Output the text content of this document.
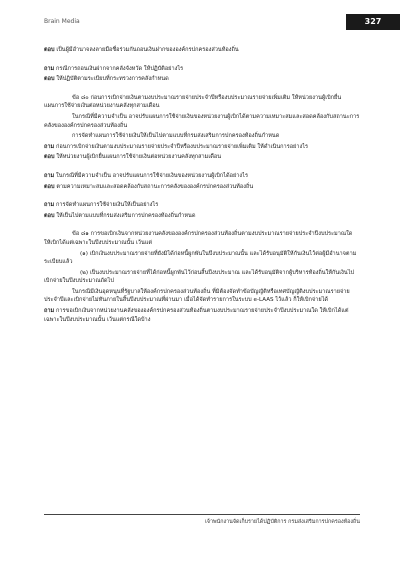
Brain Media	327

ตอบ เป็นผู้มีอำนาจลงลายมือชื่อร่วมกันถอนเงินฝากขององค์กรปกครองส่วนท้องถิ่น

ถาม กรณีการถอนเงินฝากจากคลังจังหวัด ให้ปฏิบัติอย่างไร

ตอบ ให้ปฏิบัติตามระเบียบที่กระทรวงการคลังกำหนด

ข้อ ๘๐ ก่อนการเบิกจ่ายเงินตามงบประมาณรายจ่ายประจำปีหรืองบประมาณรายจ่ายเพิ่มเติม ให้หน่วยงานผู้เบิกยื่นแผนการใช้จ่ายเงินต่อหน่วยงานคลังทุกสามเดือน

ในกรณีที่มีความจำเป็น อาจปรับแผนการใช้จ่ายเงินของหน่วยงานผู้เบิกได้ตามความเหมาะสมและสอดคล้องกับสถานะการคลังขององค์กรปกครองส่วนท้องถิ่น

การจัดทำแผนการใช้จ่ายเงินให้เป็นไปตามแบบที่กรมส่งเสริมการปกครองท้องถิ่นกำหนด

ถาม ก่อนการเบิกจ่ายเงินตามงบประมาณรายจ่ายประจำปีหรืองบประมาณรายจ่ายเพิ่มเติม ให้ดำเนินการอย่างไร

ตอบ ให้หน่วยงานผู้เบิกยื่นแผนการใช้จ่ายเงินต่อหน่วยงานคลังทุกสามเดือน

ถาม ในกรณีที่มีความจำเป็น อาจปรับแผนการใช้จ่ายเงินของหน่วยงานผู้เบิกได้อย่างไร

ตอบ ตามความเหมาะสมและสอดคล้องกับสถานะการคลังขององค์กรปกครองส่วนท้องถิ่น

ถาม การจัดทำแผนการใช้จ่ายเงินให้เป็นอย่างไร

ตอบ ให้เป็นไปตามแบบที่กรมส่งเสริมการปกครองท้องถิ่นกำหนด

ข้อ ๘๑ การขอเบิกเงินจากหน่วยงานคลังขององค์กรปกครองส่วนท้องถิ่นตามงบประมาณรายจ่ายประจำปีงบประมาณใด ให้เบิกได้แต่เฉพาะในปีงบประมาณนั้น เว้นแต่

(๑) เบิกเงินงบประมาณรายจ่ายที่ยังมิได้ก่อหนี้ผูกพันในปีงบประมาณนั้น และได้รับอนุมัติให้กันเงินไว้ต่อผู้มีอำนาจตามระเบียบแล้ว

(๒) เป็นงบประมาณรายจ่ายที่ได้ก่อหนี้ผูกพันไว้ก่อนสิ้นปีงบประมาณ และได้รับอนุมัติจากผู้บริหารท้องถิ่นให้กันเงินไปเบิกจ่ายในปีงบประมาณถัดไป

ในกรณีมีเงินอุดหนุนที่รัฐบาลให้องค์กรปกครองส่วนท้องถิ่น ที่มิต้องจัดทำข้อบัญญัติหรือเทศบัญญัติงบประมาณรายจ่ายประจำปีและเบิกจ่ายไม่ทันภายในสิ้นปีงบประมาณที่ผ่านมา เมื่อได้จัดทำรายการในระบบ e-LAAS ไว้แล้ว ก็ให้เบิกจ่ายได้

ถาม การขอเบิกเงินจากหน่วยงานคลังขององค์กรปกครองส่วนท้องถิ่นตามงบประมาณรายจ่ายประจำปีงบประมาณใด ให้เบิกได้แต่เฉพาะในปีงบประมาณนั้น เว้นแต่กรณีใดบ้าง

เจ้าพนักงานจัดเก็บรายได้ปฏิบัติการ กรมส่งเสริมการปกครองท้องถิ่น
